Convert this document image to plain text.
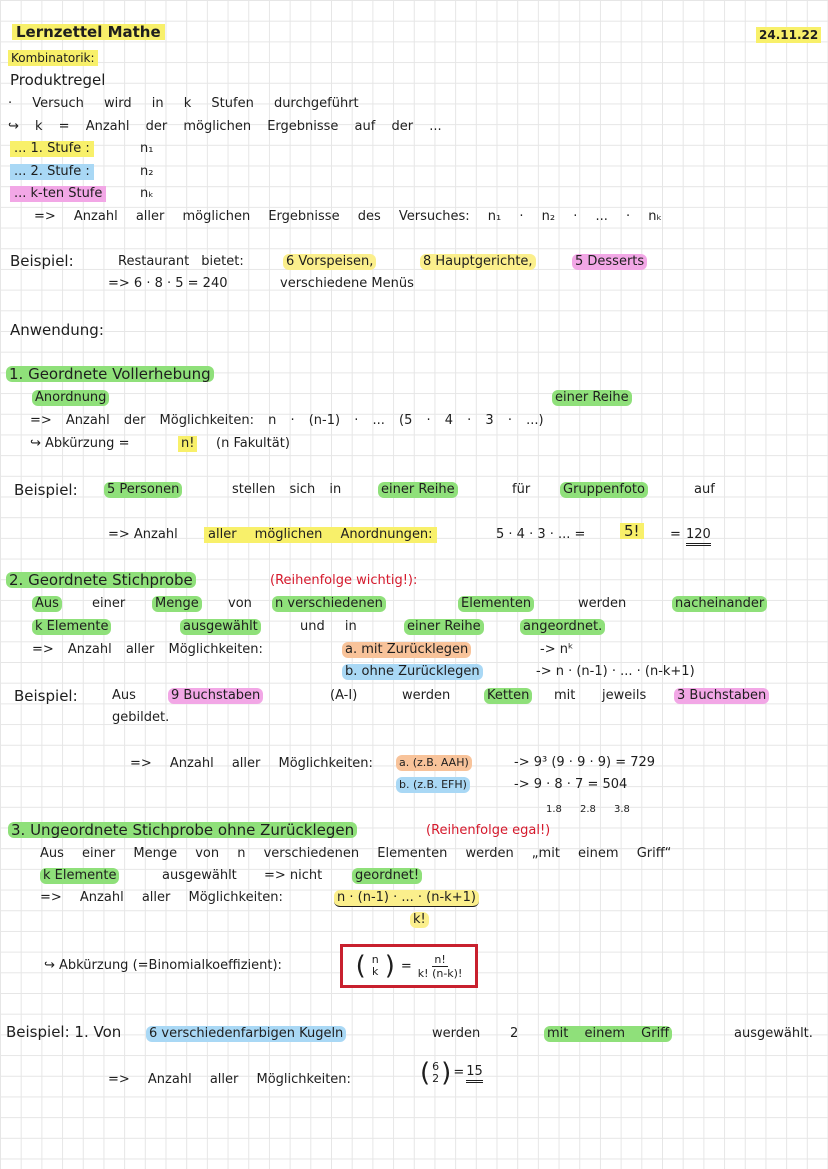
Lernzettel Mathe	24.11.22
Kombinatorik:
Produktregel
· Versuch wird in k Stufen durchgeführt
↪ k = Anzahl der möglichen Ergebnisse auf der ...
... 1. Stufe :	n₁
... 2. Stufe :	n₂
... k-ten Stufe	nₖ
=> Anzahl aller möglichen Ergebnisse des Versuches: n₁ · n₂ · ... · nₖ
Beispiel:	Restaurant bietet:	6 Vorspeisen,	8 Hauptgerichte,	5 Desserts
=> 6 · 8 · 5 = 240	verschiedene Menüs
Anwendung:
1. Geordnete Vollerhebung
Anordnung	einer Reihe
=> Anzahl der Möglichkeiten: n · (n-1) · ... (5 · 4 · 3 · ...)
↪ Abkürzung =	n! (n Fakultät)
Beispiel: 5 Personen	stellen sich in	einer Reihe	für	Gruppenfoto	auf
=> Anzahl	aller möglichen Anordnungen:	5 · 4 · 3 · ... =	5!	= 120
2. Geordnete Stichprobe	(Reihenfolge wichtig!):
Aus	einer Menge von n verschiedenen	Elementen	werden	nacheinander
k Elemente	ausgewählt	und in	einer Reihe	angeordnet.
=> Anzahl aller Möglichkeiten:	a. mit Zurücklegen	-> nᵏ
b. ohne Zurücklegen	-> n · (n-1) · ... · (n-k+1)
Beispiel:	Aus	9 Buchstaben	(A-I)	werden	Ketten mit jeweils 3 Buchstaben
gebildet.
=> Anzahl aller Möglichkeiten: a. (z.B. AAH)	-> 9³ (9 · 9 · 9) = 729
b. (z.B. EFH)	-> 9 · 8 · 7 = 504
1.8 2.8 3.8
3. Ungeordnete Stichprobe ohne Zurücklegen	(Reihenfolge egal!)
Aus einer Menge von n verschiedenen Elementen werden „mit einem Griff“
k Elemente	ausgewählt => nicht	geordnet!
=> Anzahl aller Möglichkeiten:	n · (n-1) · ... · (n-k+1)
k!
↪ Abkürzung (=Binomialkoeffizient):	( n
k ) = $\frac{n!}{k! (n-k)!}$
Beispiel: 1. Von 6 verschiedenfarbigen Kugeln	werden 2 mit einem Griff	ausgewählt.
=> Anzahl aller Möglichkeiten:	( 6
2 ) = 15
